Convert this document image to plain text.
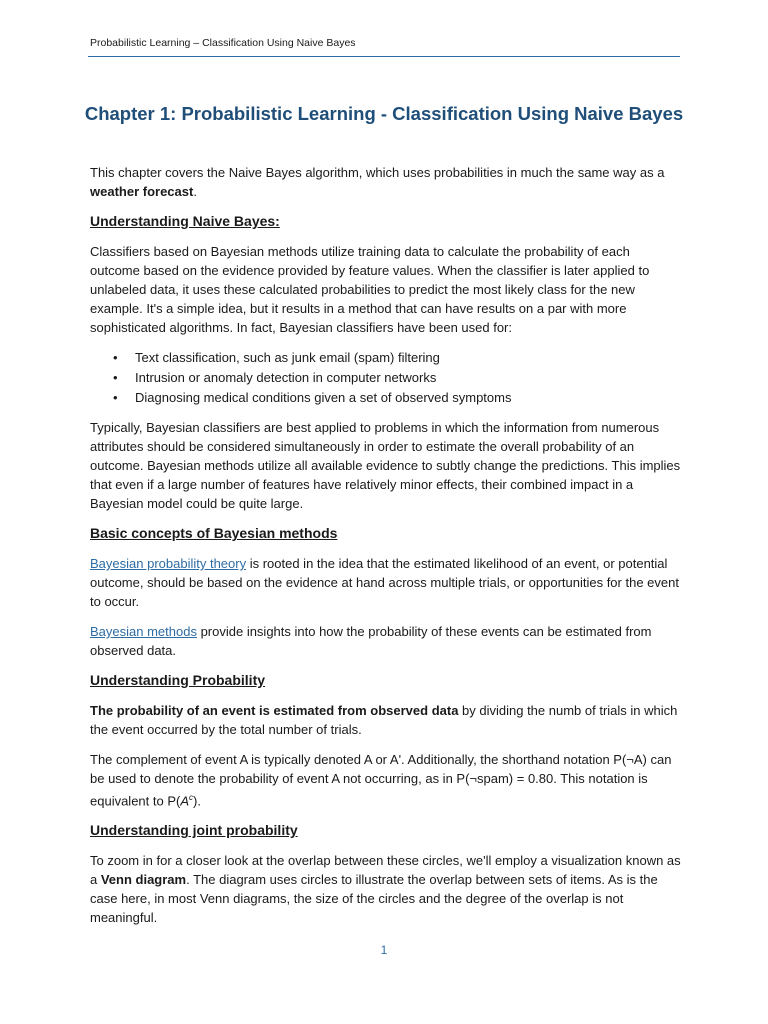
Probabilistic Learning – Classification Using Naive Bayes
Chapter 1: Probabilistic Learning - Classification Using Naive Bayes

This chapter covers the Naive Bayes algorithm, which uses probabilities in much the same way as a weather forecast.

Understanding Naive Bayes:

Classifiers based on Bayesian methods utilize training data to calculate the probability of each outcome based on the evidence provided by feature values. When the classifier is later applied to unlabeled data, it uses these calculated probabilities to predict the most likely class for the new example. It's a simple idea, but it results in a method that can have results on a par with more sophisticated algorithms. In fact, Bayesian classifiers have been used for:

• Text classification, such as junk email (spam) filtering
• Intrusion or anomaly detection in computer networks
• Diagnosing medical conditions given a set of observed symptoms

Typically, Bayesian classifiers are best applied to problems in which the information from numerous attributes should be considered simultaneously in order to estimate the overall probability of an outcome. Bayesian methods utilize all available evidence to subtly change the predictions. This implies that even if a large number of features have relatively minor effects, their combined impact in a Bayesian model could be quite large.

Basic concepts of Bayesian methods

Bayesian probability theory is rooted in the idea that the estimated likelihood of an event, or potential outcome, should be based on the evidence at hand across multiple trials, or opportunities for the event to occur.

Bayesian methods provide insights into how the probability of these events can be estimated from observed data.

Understanding Probability

The probability of an event is estimated from observed data by dividing the numb of trials in which the event occurred by the total number of trials.

The complement of event A is typically denoted A or A'. Additionally, the shorthand notation P(¬A) can be used to denote the probability of event A not occurring, as in P(¬spam) = 0.80. This notation is equivalent to $P(A^c)$.

Understanding joint probability

To zoom in for a closer look at the overlap between these circles, we'll employ a visualization known as a Venn diagram. The diagram uses circles to illustrate the overlap between sets of items. As is the case here, in most Venn diagrams, the size of the circles and the degree of the overlap is not meaningful.

1
